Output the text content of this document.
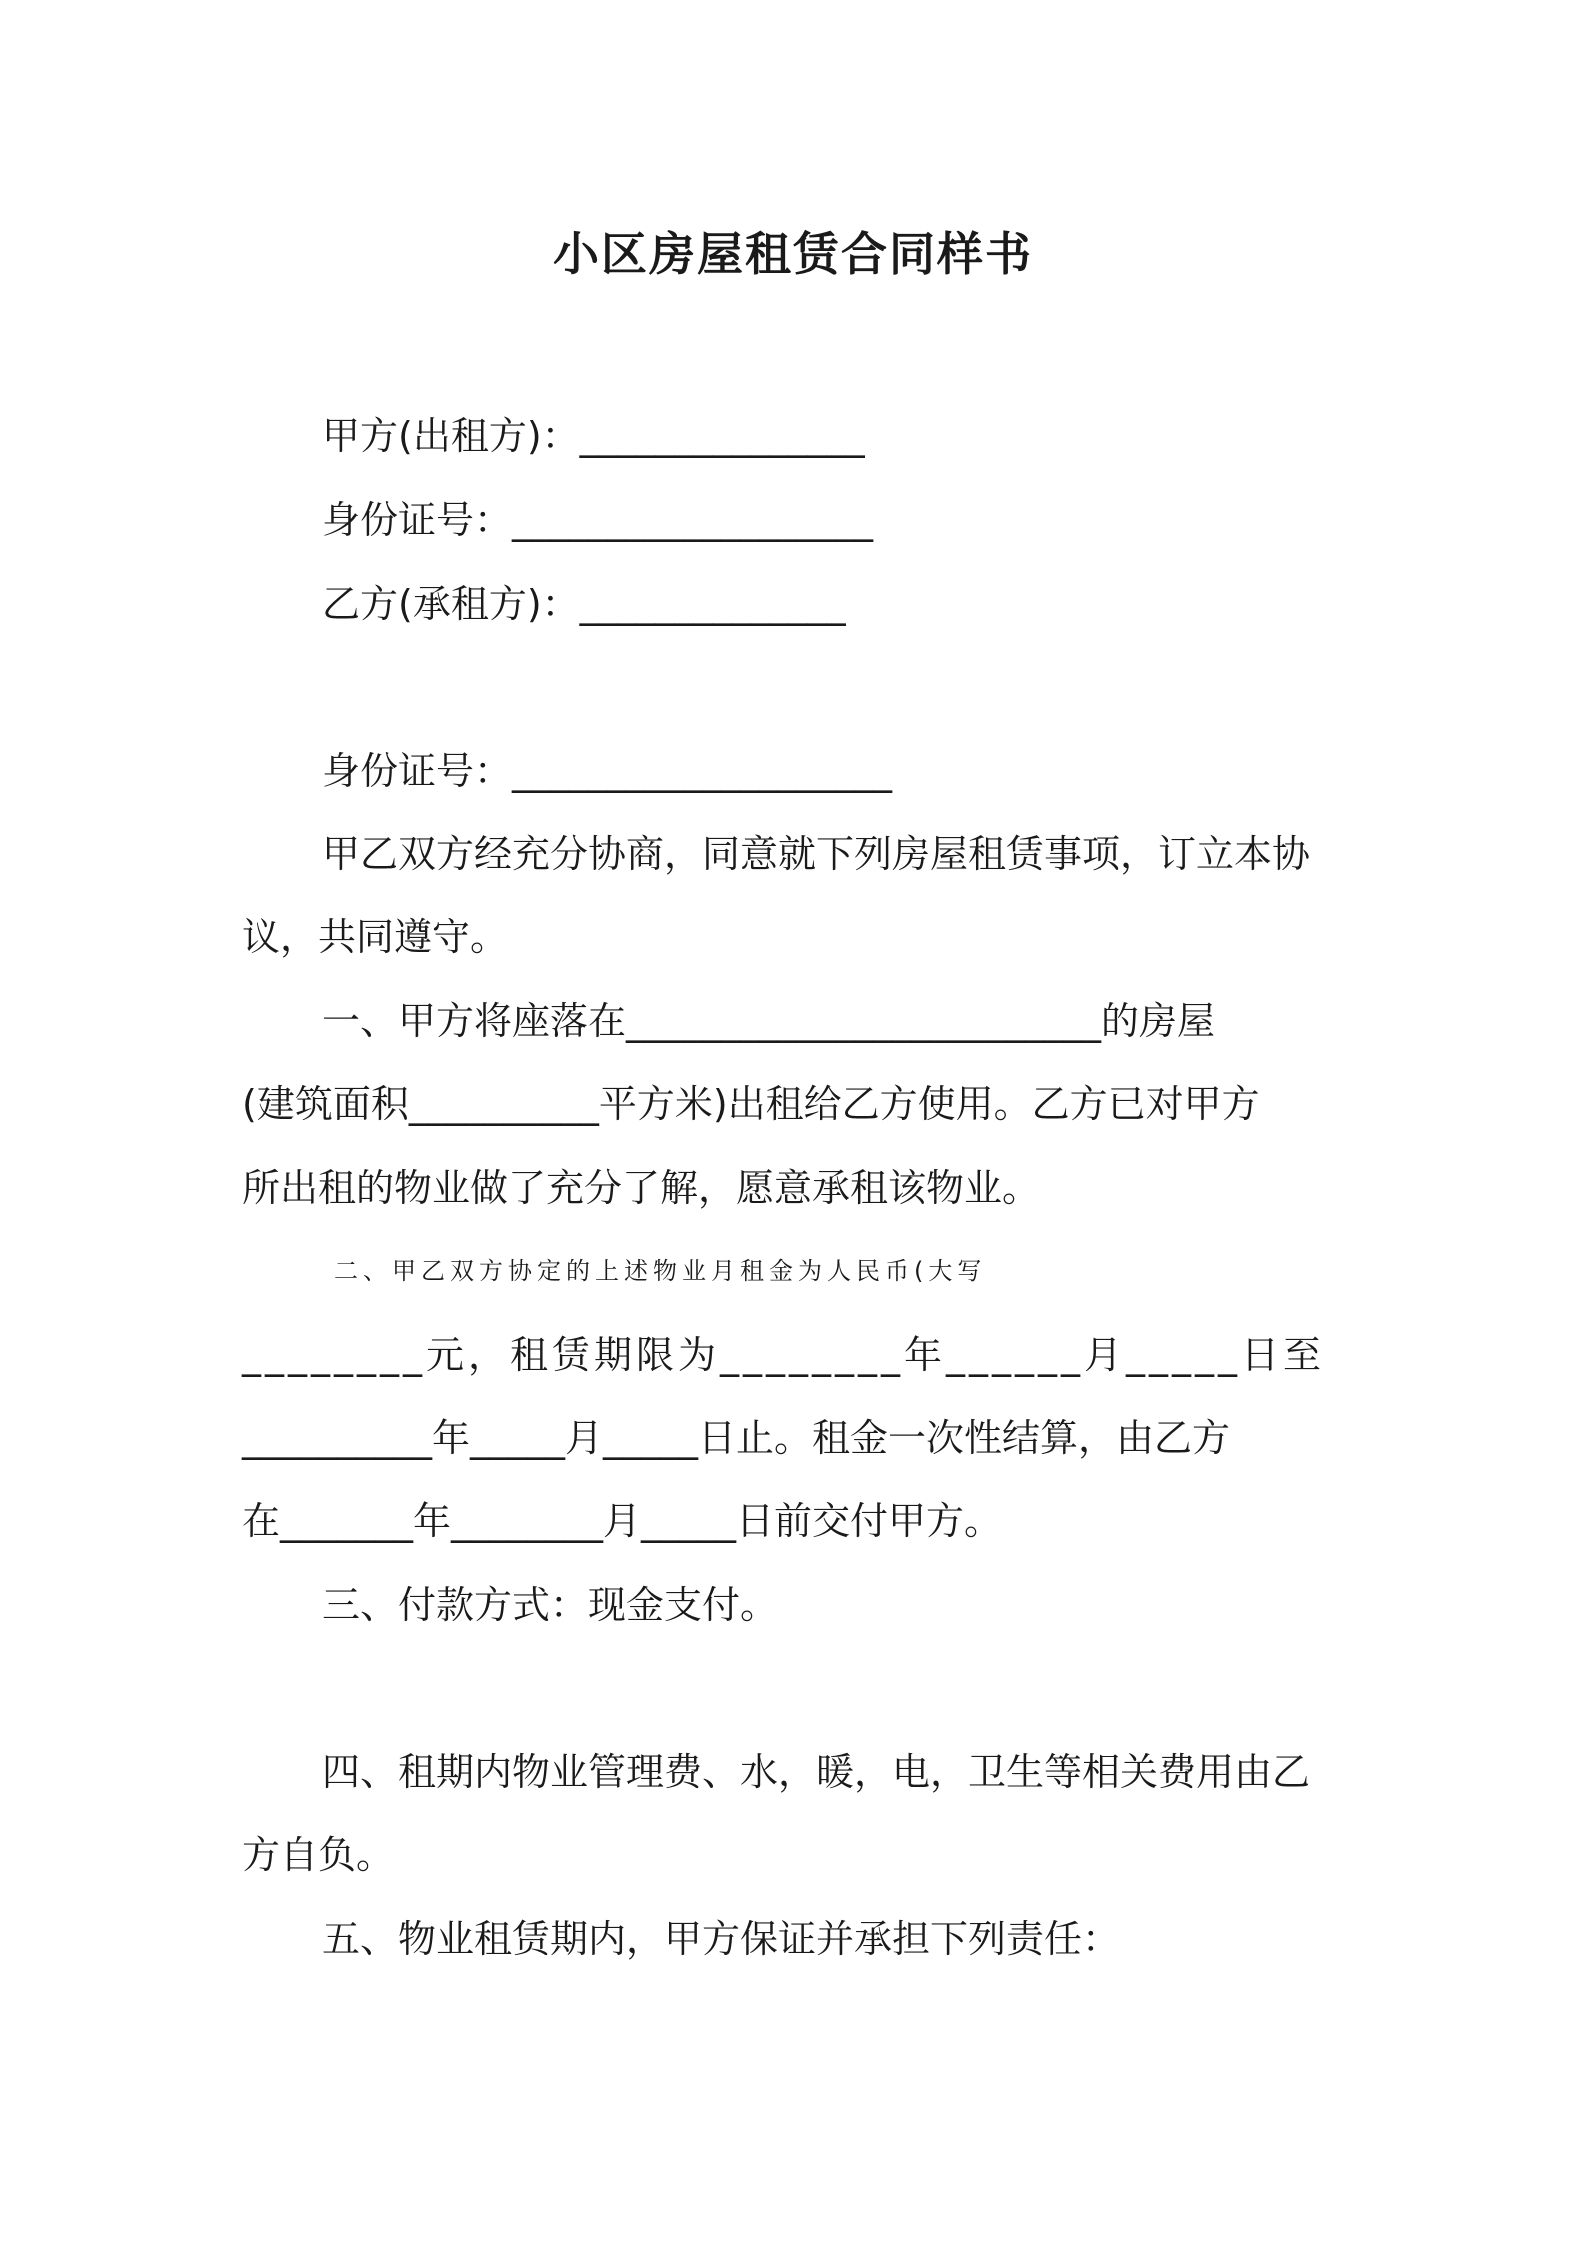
小区房屋租赁合同样书
甲方(出租方)：_______________
身份证号：___________________
乙方(承租方)：______________
身份证号：____________________
甲乙双方经充分协商，同意就下列房屋租赁事项，订立本协
议，共同遵守。
一、甲方将座落在_________________________的房屋
(建筑面积__________平方米)出租给乙方使用。乙方已对甲方
所出租的物业做了充分了解，愿意承租该物业。
二、甲乙双方协定的上述物业月租金为人民币(大写
________元，租赁期限为________年______月_____日至
__________年_____月_____日止。租金一次性结算，由乙方
在_______年________月_____日前交付甲方。
三、付款方式：现金支付。
四、租期内物业管理费、水，暖，电，卫生等相关费用由乙
方自负。
五、物业租赁期内，甲方保证并承担下列责任：
